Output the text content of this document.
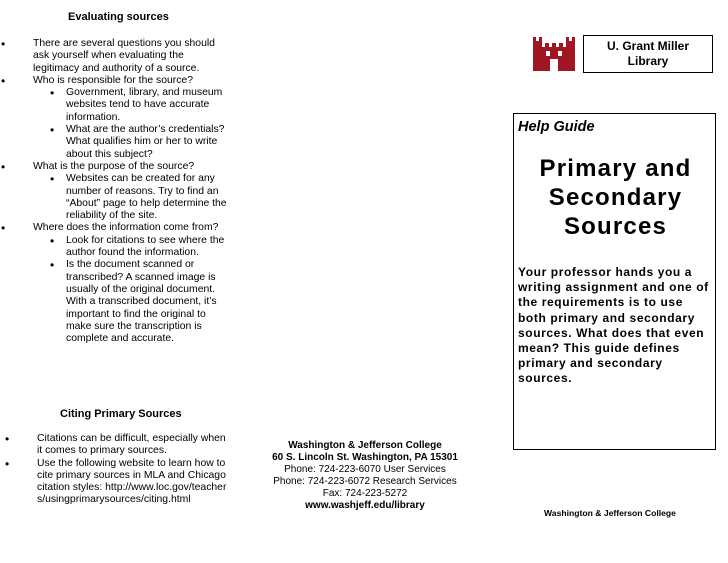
Evaluating sources
• There are several questions you should ask yourself when evaluating the legitimacy and authority of a source.
• Who is responsible for the source?
• Government, library, and museum websites tend to have accurate information.
• What are the author’s credentials? What qualifies him or her to write about this subject?
• What is the purpose of the source?
• Websites can be created for any number of reasons. Try to find an “About” page to help determine the reliability of the site.
• Where does the information come from?
• Look for citations to see where the author found the information.
• Is the document scanned or transcribed? A scanned image is usually of the original document. With a transcribed document, it’s important to find the original to make sure the transcription is complete and accurate.
Citing Primary Sources
• Citations can be difficult, especially when it comes to primary sources.
• Use the following website to learn how to cite primary sources in MLA and Chicago citation styles: http://www.loc.gov/teachers/usingprimarysources/citing.html
Washington & Jefferson College
60 S. Lincoln St. Washington, PA 15301
Phone: 724-223-6070 User Services
Phone: 724-223-6072 Research Services
Fax: 724-223-5272
www.washjeff.edu/library
U. Grant Miller
Library
Help Guide
Primary and
Secondary
Sources
Your professor hands you a writing assignment and one of the requirements is to use both primary and secondary sources. What does that even mean? This guide defines primary and secondary sources.
Washington & Jefferson College
